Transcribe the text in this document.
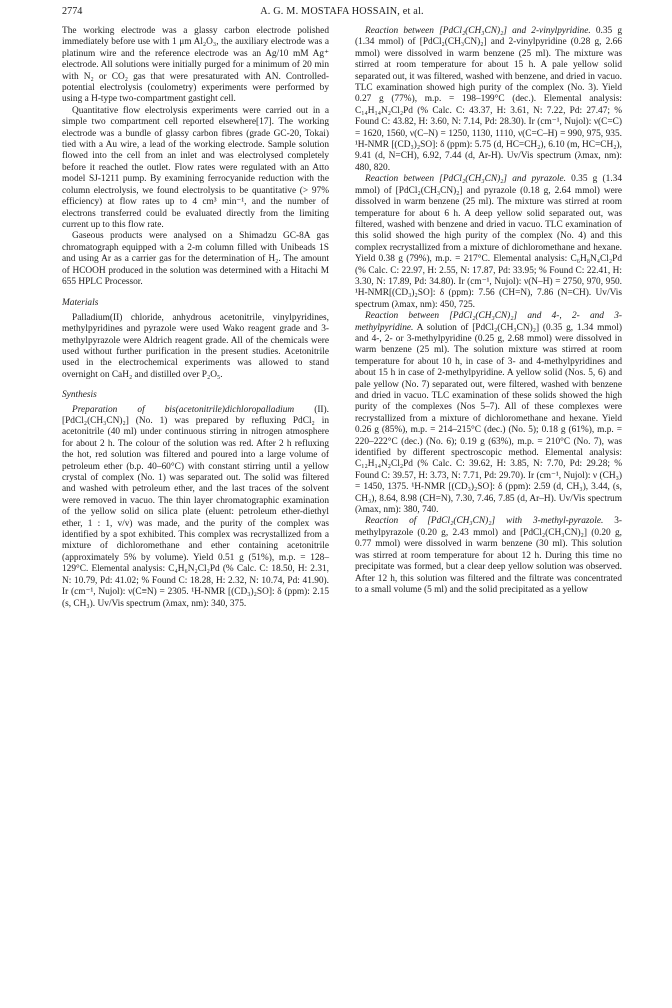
2774	A. G. M. MOSTAFA HOSSAIN, et al.

The working electrode was a glassy carbon electrode polished immediately before use with 1 μm Al₂O₃, the auxiliary electrode was a platinum wire and the reference electrode was an Ag/10 mM Ag⁺ electrode. All solutions were initially purged for a minimum of 20 min with N₂ or CO₂ gas that were presaturated with AN. Controlled-potential electrolysis (coulometry) experiments were performed by using a H-type two-compartment gastight cell.

Quantitative flow electrolysis experiments were carried out in a simple two compartment cell reported elsewhere[17]. The working electrode was a bundle of glassy carbon fibres (grade GC-20, Tokai) tied with a Au wire, a lead of the working electrode. Sample solution flowed into the cell from an inlet and was electrolysed completely before it reached the outlet. Flow rates were regulated with an Atto model SJ-1211 pump. By examining ferrocyanide reduction with the column electrolysis, we found electrolysis to be quantitative (> 97% efficiency) at flow rates up to 4 cm³ min⁻¹, and the number of electrons transferred could be evaluated directly from the limiting current up to this flow rate.

Gaseous products were analysed on a Shimadzu GC-8A gas chromatograph equipped with a 2-m column filled with Unibeads 1S and using Ar as a carrier gas for the determination of H₂. The amount of HCOOH produced in the solution was determined with a Hitachi M 655 HPLC Processor.

Materials

Palladium(II) chloride, anhydrous acetonitrile, vinylpyridines, methylpyridines and pyrazole were used Wako reagent grade and 3-methylpyrazole were Aldrich reagent grade. All of the chemicals were used without further purification in the present studies. Acetonitrile used in the electrochemical experiments was allowed to stand overnight on CaH₂ and distilled over P₂O₅.

Synthesis

Preparation of bis(acetonitrile)dichloropalladium (II). [PdCl₂(CH₃CN)₂] (No. 1) was prepared by refluxing PdCl₂ in acetonitrile (40 ml) under continuous stirring in nitrogen atmosphere for about 2 h. The colour of the solution was red. After 2 h refluxing the hot, red solution was filtered and poured into a large volume of petroleum ether (b.p. 40–60°C) with constant stirring until a yellow crystal of complex (No. 1) was separated out. The solid was filtered and washed with petroleum ether, and the last traces of the solvent were removed in vacuo. The thin layer chromatographic examination of the yellow solid on silica plate (eluent: petroleum ether-diethyl ether, 1 : 1, v/v) was made, and the purity of the complex was identified by a spot exhibited. This complex was recrystallized from a mixture of dichloromethane and ether containing acetonitrile (approximately 5% by volume). Yield 0.51 g (51%), m.p. = 128–129°C. Elemental analysis: C₄H₆N₂Cl₂Pd (% Calc. C: 18.50, H: 2.31, N: 10.79, Pd: 41.02; % Found C: 18.28, H: 2.32, N: 10.74, Pd: 41.90). Ir (cm⁻¹, Nujol): ν(C≡N) = 2305. ¹H-NMR [(CD₃)₂SO]: δ (ppm): 2.15 (s, CH₃). Uv/Vis spectrum (λmax, nm): 340, 375.

Reaction between [PdCl₂(CH₃CN)₂] and 2-vinylpyridine. 0.35 g (1.34 mmol) of [PdCl₂(CH₃CN)₂] and 2-vinylpyridine (0.28 g, 2.66 mmol) were dissolved in warm benzene (25 ml). The mixture was stirred at room temperature for about 15 h. A pale yellow solid separated out, it was filtered, washed with benzene, and dried in vacuo. TLC examination showed high purity of the complex (No. 3). Yield 0.27 g (77%), m.p. = 198–199°C (dec.). Elemental analysis: C₁₄H₁₄N₂Cl₂Pd (% Calc. C: 43.37, H: 3.61, N: 7.22, Pd: 27.47; % Found C: 43.82, H: 3.60, N: 7.14, Pd: 28.30). Ir (cm⁻¹, Nujol): ν(C=C) = 1620, 1560, ν(C–N) = 1250, 1130, 1110, ν(C=C–H) = 990, 975, 935. ¹H-NMR [(CD₃)₂SO]: δ (ppm): 5.75 (d, HC=CH₂), 6.10 (m, HC=CH₂), 9.41 (d, N=CH), 6.92, 7.44 (d, Ar-H). Uv/Vis spectrum (λmax, nm): 480, 820.

Reaction between [PdCl₂(CH₃CN)₂] and pyrazole. 0.35 g (1.34 mmol) of [PdCl₂(CH₃CN)₂] and pyrazole (0.18 g, 2.64 mmol) were dissolved in warm benzene (25 ml). The mixture was stirred at room temperature for about 6 h. A deep yellow solid separated out, was filtered, washed with benzene and dried in vacuo. TLC examination of this solid showed the high purity of the complex (No. 4) and this complex recrystallized from a mixture of dichloromethane and hexane. Yield 0.38 g (79%), m.p. = 217°C. Elemental analysis: C₆H₈N₄Cl₂Pd (% Calc. C: 22.97, H: 2.55, N: 17.87, Pd: 33.95; % Found C: 22.41, H: 3.30, N: 17.89, Pd: 34.80). Ir (cm⁻¹, Nujol): ν(N–H) = 2750, 970, 950. ¹H-NMR[(CD₃)₂SO]: δ (ppm): 7.56 (CH=N), 7.86 (N=CH). Uv/Vis spectrum (λmax, nm): 450, 725.

Reaction between [PdCl₂(CH₃CN)₂] and 4-, 2- and 3-methylpyridine. A solution of [PdCl₂(CH₃CN)₂] (0.35 g, 1.34 mmol) and 4-, 2- or 3-methylpyridine (0.25 g, 2.68 mmol) were dissolved in warm benzene (25 ml). The solution mixture was stirred at room temperature for about 10 h, in case of 3- and 4-methylpyridines and about 15 h in case of 2-methylpyridine. A yellow solid (Nos. 5, 6) and pale yellow (No. 7) separated out, were filtered, washed with benzene and dried in vacuo. TLC examination of these solids showed the high purity of the complexes (Nos 5–7). All of these complexes were recrystallized from a mixture of dichloromethane and hexane. Yield 0.26 g (85%), m.p. = 214–215°C (dec.) (No. 5); 0.18 g (61%), m.p. = 220–222°C (dec.) (No. 6); 0.19 g (63%), m.p. = 210°C (No. 7), was identified by different spectroscopic method. Elemental analysis: C₁₂H₁₄N₂Cl₂Pd (% Calc. C: 39.62, H: 3.85, N: 7.70, Pd: 29.28; % Found C: 39.57, H: 3.73, N: 7.71, Pd: 29.70). Ir (cm⁻¹, Nujol): ν (CH₃) = 1450, 1375. ¹H-NMR [(CD₃)₂SO]: δ (ppm): 2.59 (d, CH₃), 3.44, (s, CH₃), 8.64, 8.98 (CH=N), 7.30, 7.46, 7.85 (d, Ar–H). Uv/Vis spectrum (λmax, nm): 380, 740.

Reaction of [PdCl₂(CH₃CN)₂] with 3-methyl-pyrazole. 3-methylpyrazole (0.20 g, 2.43 mmol) and [PdCl₂(CH₃CN)₂] (0.20 g, 0.77 mmol) were dissolved in warm benzene (30 ml). This solution was stirred at room temperature for about 12 h. During this time no precipitate was formed, but a clear deep yellow solution was observed. After 12 h, this solution was filtered and the filtrate was concentrated to a small volume (5 ml) and the solid precipitated as a yellow
